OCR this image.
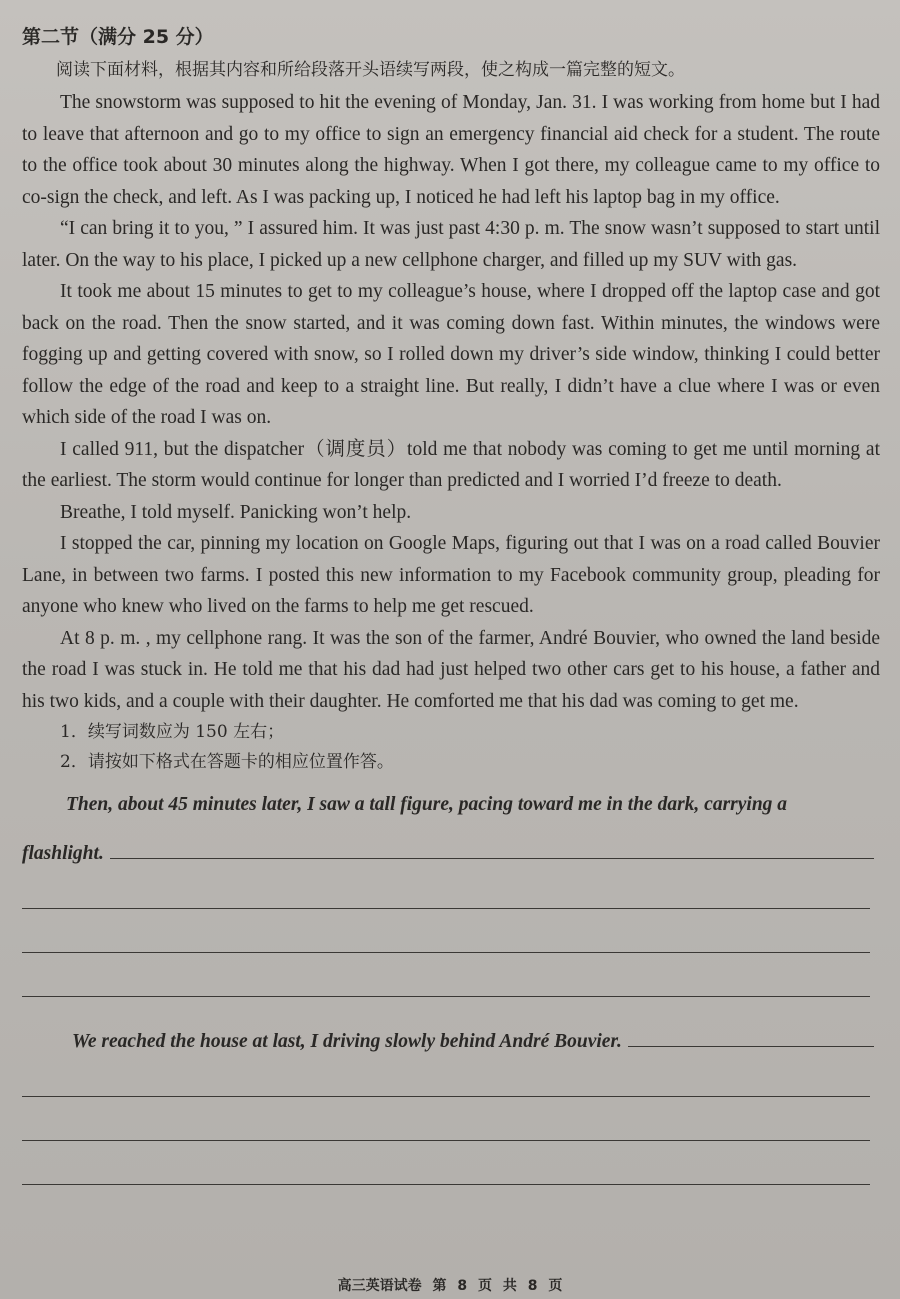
第二节（满分 25 分）

阅读下面材料，根据其内容和所给段落开头语续写两段，使之构成一篇完整的短文。

The snowstorm was supposed to hit the evening of Monday, Jan. 31. I was working from home but I had to leave that afternoon and go to my office to sign an emergency financial aid check for a student. The route to the office took about 30 minutes along the highway. When I got there, my colleague came to my office to co-sign the check, and left. As I was packing up, I noticed he had left his laptop bag in my office.

“I can bring it to you, ” I assured him. It was just past 4:30 p. m. The snow wasn’t supposed to start until later. On the way to his place, I picked up a new cellphone charger, and filled up my SUV with gas.

It took me about 15 minutes to get to my colleague’s house, where I dropped off the laptop case and got back on the road. Then the snow started, and it was coming down fast. Within minutes, the windows were fogging up and getting covered with snow, so I rolled down my driver’s side window, thinking I could better follow the edge of the road and keep to a straight line. But really, I didn’t have a clue where I was or even which side of the road I was on.

I called 911, but the dispatcher（调度员）told me that nobody was coming to get me until morning at the earliest. The storm would continue for longer than predicted and I worried I’d freeze to death.

Breathe, I told myself. Panicking won’t help.

I stopped the car, pinning my location on Google Maps, figuring out that I was on a road called Bouvier Lane, in between two farms. I posted this new information to my Facebook community group, pleading for anyone who knew who lived on the farms to help me get rescued.

At 8 p. m. , my cellphone rang. It was the son of the farmer, André Bouvier, who owned the land beside the road I was stuck in. He told me that his dad had just helped two other cars get to his house, a father and his two kids, and a couple with their daughter. He comforted me that his dad was coming to get me.

1．续写词数应为 150 左右；

2．请按如下格式在答题卡的相应位置作答。

Then, about 45 minutes later, I saw a tall figure, pacing toward me in the dark, carrying a

flashlight.
We reached the house at last, I driving slowly behind André Bouvier.
高三英语试卷 第 8 页 共 8 页
